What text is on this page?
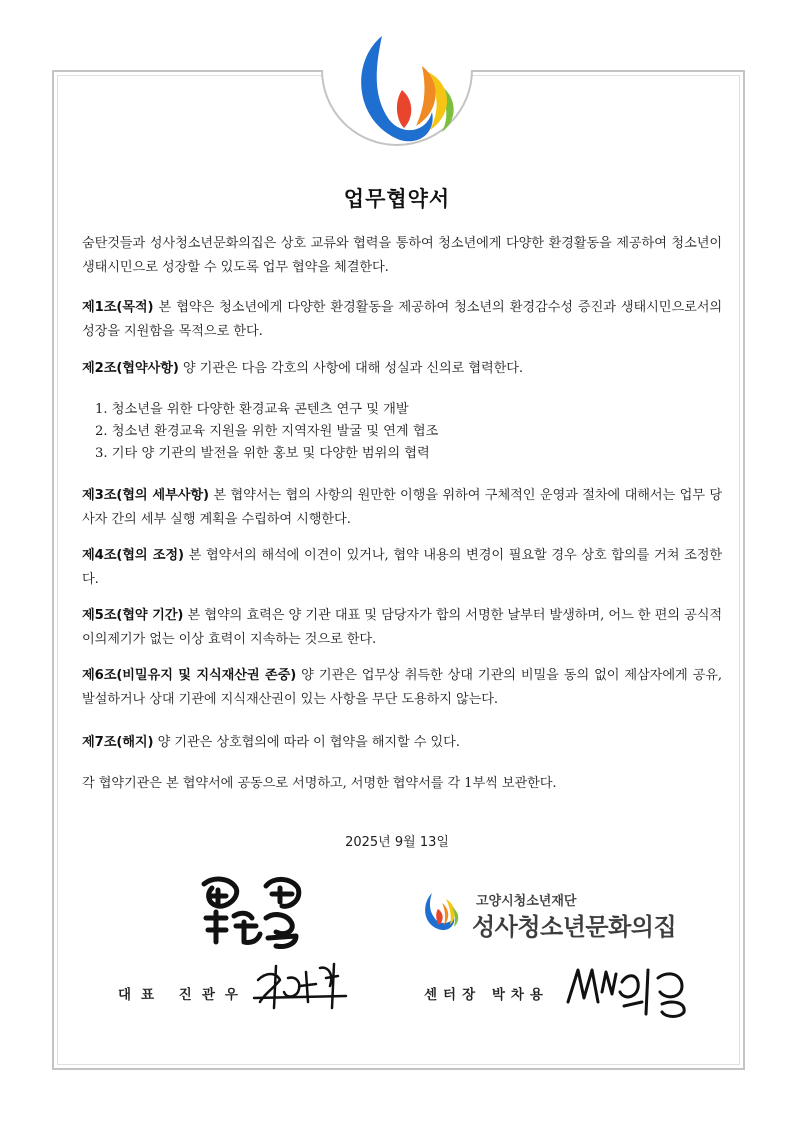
업무협약서
숨탄것들과 성사청소년문화의집은 상호 교류와 협력을 통하여 청소년에게 다양한 환경활동을 제공하여 청소년이 생태시민으로 성장할 수 있도록 업무 협약을 체결한다.
제1조(목적) 본 협약은 청소년에게 다양한 환경활동을 제공하여 청소년의 환경감수성 증진과 생태시민으로서의 성장을 지원함을 목적으로 한다.
제2조(협약사항) 양 기관은 다음 각호의 사항에 대해 성실과 신의로 협력한다.
1. 청소년을 위한 다양한 환경교육 콘텐츠 연구 및 개발
2. 청소년 환경교육 지원을 위한 지역자원 발굴 및 연계 협조
3. 기타 양 기관의 발전을 위한 홍보 및 다양한 범위의 협력
제3조(협의 세부사항) 본 협약서는 협의 사항의 원만한 이행을 위하여 구체적인 운영과 절차에 대해서는 업무 당사자 간의 세부 실행 계획을 수립하여 시행한다.
제4조(협의 조정) 본 협약서의 해석에 이견이 있거나, 협약 내용의 변경이 필요할 경우 상호 합의를 거쳐 조정한다.
제5조(협약 기간) 본 협약의 효력은 양 기관 대표 및 담당자가 합의 서명한 날부터 발생하며, 어느 한 편의 공식적 이의제기가 없는 이상 효력이 지속하는 것으로 한다.
제6조(비밀유지 및 지식재산권 존중) 양 기관은 업무상 취득한 상대 기관의 비밀을 동의 없이 제삼자에게 공유, 발설하거나 상대 기관에 지식재산권이 있는 사항을 무단 도용하지 않는다.
제7조(해지) 양 기관은 상호협의에 따라 이 협약을 해지할 수 있다.
각 협약기관은 본 협약서에 공동으로 서명하고, 서명한 협약서를 각 1부씩 보관한다.
2025년 9월 13일
고양시청소년재단
성사청소년문화의집
대표 진관우	센터장 박차용
